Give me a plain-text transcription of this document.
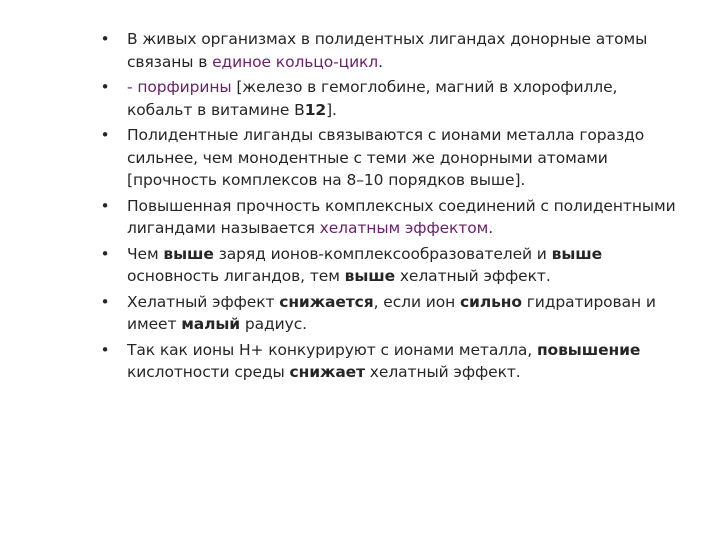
• В живых организмах в полидентных лигандах донорные атомы связаны в единое кольцо-цикл.
• - порфирины [железо в гемоглобине, магний в хлорофилле, кобальт в витамине В12].
• Полидентные лиганды связываются с ионами металла гораздо сильнее, чем монодентные с теми же донорными атомами [прочность комплексов на 8–10 порядков выше].
• Повышенная прочность комплексных соединений с полидентными лигандами называется хелатным эффектом.
• Чем выше заряд ионов-комплексообразователей и выше основность лигандов, тем выше хелатный эффект.
• Хелатный эффект снижается, если ион сильно гидратирован и имеет малый радиус.
• Так как ионы Н+ конкурируют с ионами металла, повышение кислотности среды снижает хелатный эффект.
